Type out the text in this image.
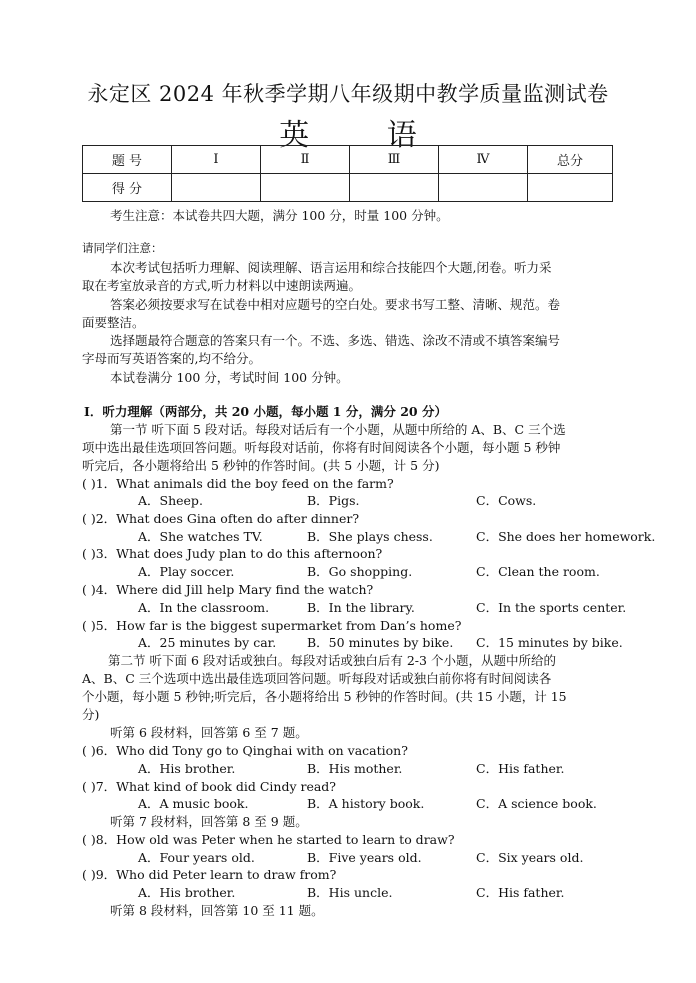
永定区 2024 年秋季学期八年级期中教学质量监测试卷
英 语
题 号	Ⅰ	Ⅱ	Ⅲ	Ⅳ	总分
得 分					
考生注意：本试卷共四大题，满分 100 分，时量 100 分钟。
请同学们注意：
本次考试包括听力理解、阅读理解、语言运用和综合技能四个大题,闭卷。听力采
取在考室放录音的方式,听力材料以中速朗读两遍。
答案必须按要求写在试卷中相对应题号的空白处。要求书写工整、清晰、规范。卷
面要整洁。
选择题最符合题意的答案只有一个。不选、多选、错选、涂改不清或不填答案编号
字母而写英语答案的,均不给分。
本试卷满分 100 分，考试时间 100 分钟。
Ⅰ．听力理解（两部分，共 20 小题，每小题 1 分，满分 20 分）
第一节 听下面 5 段对话。每段对话后有一个小题，从题中所给的 A、B、C 三个选
项中选出最佳选项回答问题。听每段对话前，你将有时间阅读各个小题，每小题 5 秒钟
听完后，各小题将给出 5 秒钟的作答时间。(共 5 小题，计 5 分)
( )1．What animals did the boy feed on the farm?
A．Sheep.	B．Pigs.	C．Cows.
( )2．What does Gina often do after dinner?
A．She watches TV.	B．She plays chess.	C．She does her homework.
( )3．What does Judy plan to do this afternoon?
A．Play soccer.	B．Go shopping.	C．Clean the room.
( )4．Where did Jill help Mary find the watch?
A．In the classroom.	B．In the library.	C．In the sports center.
( )5．How far is the biggest supermarket from Dan’s home?
A．25 minutes by car. B．50 minutes by bike. C．15 minutes by bike.
第二节 听下面 6 段对话或独白。每段对话或独白后有 2-3 个小题，从题中所给的
A、B、C 三个选项中选出最佳选项回答问题。听每段对话或独白前你将有时间阅读各
个小题，每小题 5 秒钟;听完后，各小题将给出 5 秒钟的作答时间。(共 15 小题，计 15
分)
听第 6 段材料，回答第 6 至 7 题。
( )6．Who did Tony go to Qinghai with on vacation?
A．His brother.	B．His mother.	C．His father.
( )7．What kind of book did Cindy read?
A．A music book.	B．A history book.	C．A science book.
听第 7 段材料，回答第 8 至 9 题。
( )8．How old was Peter when he started to learn to draw?
A．Four years old.	B．Five years old.	C．Six years old.
( )9．Who did Peter learn to draw from?
A．His brother.	B．His uncle.	C．His father.
听第 8 段材料，回答第 10 至 11 题。
